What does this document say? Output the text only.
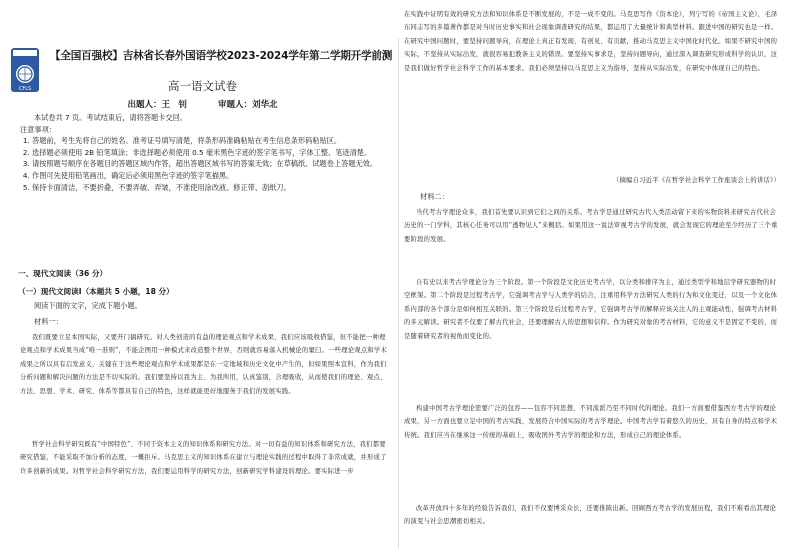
CFLS
【全国百强校】吉林省长春外国语学校2023-2024学年第二学期开学前测
高一语文试卷
出题人：王　钊	审题人：刘华北
本试卷共 7 页。考试结束后，请将答题卡交回。
注意事项：
1. 答题前，考生先将自己的姓名、准考证号填写清楚，将条形码准确粘贴在考生信息条形码粘贴区。
2. 选择题必须使用 2B 铅笔填涂；非选择题必须使用 0.5 毫米黑色字迹的签字笔书写，字体工整、笔迹清楚。
3. 请按照题号顺序在各题目的答题区域内作答，超出答题区域书写的答案无效；在草稿纸、试题卷上答题无效。
4. 作图可先使用铅笔画出，确定后必须用黑色字迹的签字笔描黑。
5. 保持卡面清洁，不要折叠，不要弄破、弄皱，不准使用涂改液、修正带、刮纸刀。
一、现代文阅读（36 分）
（一）现代文阅读Ⅰ（本题共 5 小题，18 分）
阅读下面的文字，完成下题小题。
材料一：
我们既要立足本国实际，又要开门搞研究。对人类创造的有益的理论观点和学术成果，我们应该吸收借鉴，但不能把一种理论观点和学术成果当成“唯一准则”，不能企图用一种模式来改造整个世界，否则就容易落入机械论的窠臼。一些理论观点和学术成果之所以具有启发意义，关键在于这些理论观点和学术成果都是在一定地域和历史文化中产生的，但如果照本宣科，作为我们分析问题和解决问题的方法是不切实际的。我们要坚持以我为主、为我所用，认真鉴别，合理吸收，从而使我们的理论、观点、方法、思想、学术、研究、体系等都具有自己的特色，这样就能更好地服务于我们的发展实践。
哲学社会科学研究既有“中国特色”、不同于资本主义的知识体系和研究方法。对一切有益的知识体系和研究方法，我们都要研究借鉴，不能采取不加分析的态度，一概拒斥。马克思主义的知识体系在建立与理论实践的过程中取得了非常成就，并形成了许多创新的成果。对哲学社会科学研究方法，我们要运用科学的研究方法，创新研究学科建设的理论。要实际进一步
在实践中证明有效的研究方法和知识体系是不断发展的，不是一成不变的。马克思写作《资本论》，列宁写的《帝国主义论》，毛泽东同志写的多篇著作都是对当时历史事实和社会现象调查研究的结果，都运用了大量统计和典型材料。跟进中国的研究也是一样。在研究中国问题时，要坚持问题导向，在理论上真正有发现、有创见、有贡献，推动马克思主义中国化时代化。如果不研究中国的实际，不坚持从实际出发，就很容易犯教条主义的错误。要坚持实事求是，坚持问题导向，通过深入调查研究形成科学的认识，这是我们做好哲学社会科学工作的基本要求。我们必须坚持以马克思主义为指导，坚持从实际出发，在研究中体现自己的特色。
（摘编自习近平《在哲学社会科学工作座谈会上的讲话》）
材料二：
当代考古学理论众多，我们首先要认识到它们之间的关系。考古学是通过研究古代人类活动留下来的实物资料来研究古代社会历史的一门学科，其核心任务可以用“透物见人”来概括。如果用这一说法审视考古学的发展，就会发现它的理论至少经历了三个重要阶段的发展。
自有史以来考古学理论分为三个阶段。第一个阶段是文化历史考古学，以分类和排序为主，通过类型学和地层学研究器物的时空框架。第二个阶段是过程考古学，它强调考古学与人类学的结合，注重用科学方法研究人类的行为和文化变迁，以及一个文化体系内部的各个部分是如何相互关联的。第三个阶段是后过程考古学，它强调考古学的解释应该关注人的主观能动性，强调考古材料的多元解读。研究者不仅要了解古代社会，还要理解古人的思想和信仰。作为研究对象的考古材料，它的意义不是固定不变的，而是随着研究者的视角而变化的。
构建中国考古学理论需要广泛的包容——包容不同思想、不同流派乃至不同时代的理论。我们一方面要借鉴西方考古学的理论成果，另一方面也要立足中国的考古实践，发展符合中国实际的考古学理论。中国考古学有着悠久的历史，具有自身的特点和学术传统。我们应当在继承这一传统的基础上，吸收国外考古学的理论和方法，形成自己的理论体系。
改革开放四十多年的经验告诉我们，我们不仅要博采众长，还要推陈出新。回顾西方考古学的发展历程，我们不难看出其理论的演变与社会思潮密切相关。
